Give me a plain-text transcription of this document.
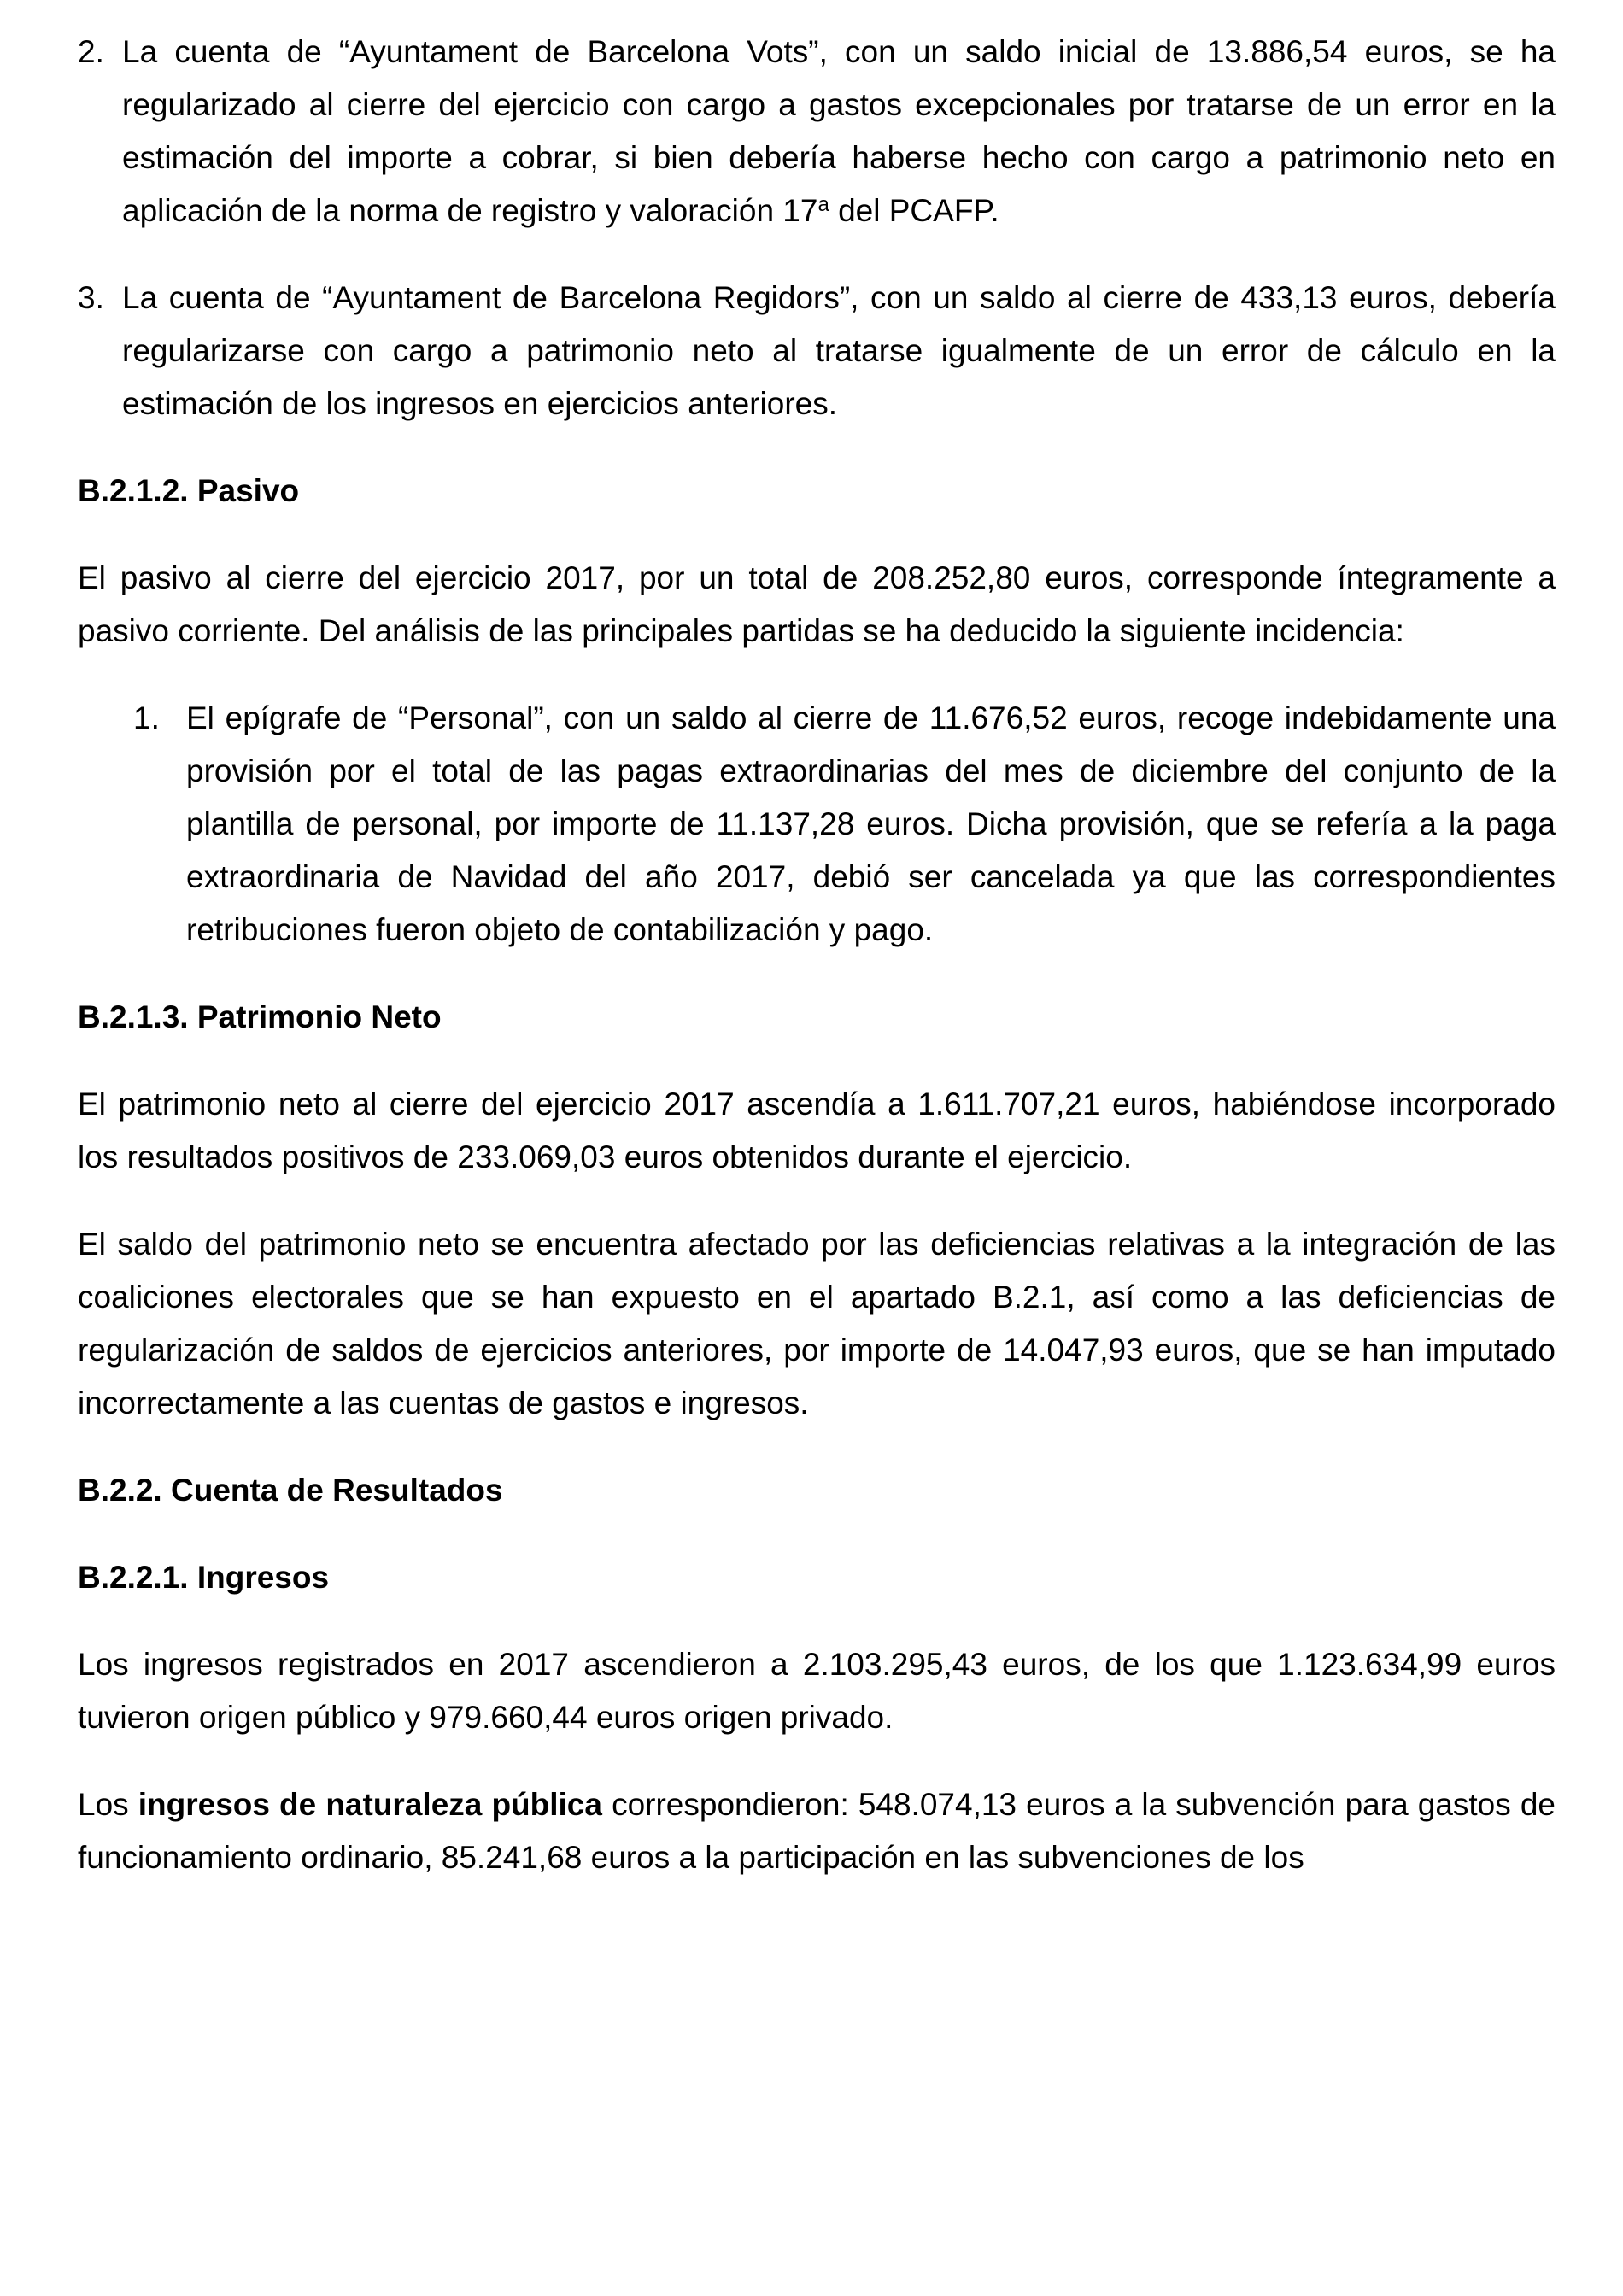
2. La cuenta de “Ayuntament de Barcelona Vots”, con un saldo inicial de 13.886,54 euros, se ha regularizado al cierre del ejercicio con cargo a gastos excepcionales por tratarse de un error en la estimación del importe a cobrar, si bien debería haberse hecho con cargo a patrimonio neto en aplicación de la norma de registro y valoración 17$^a$ del PCAFP.

3. La cuenta de “Ayuntament de Barcelona Regidors”, con un saldo al cierre de 433,13 euros, debería regularizarse con cargo a patrimonio neto al tratarse igualmente de un error de cálculo en la estimación de los ingresos en ejercicios anteriores.

B.2.1.2. Pasivo

El pasivo al cierre del ejercicio 2017, por un total de 208.252,80 euros, corresponde íntegramente a pasivo corriente. Del análisis de las principales partidas se ha deducido la siguiente incidencia:

1. El epígrafe de “Personal”, con un saldo al cierre de 11.676,52 euros, recoge indebidamente una provisión por el total de las pagas extraordinarias del mes de diciembre del conjunto de la plantilla de personal, por importe de 11.137,28 euros. Dicha provisión, que se refería a la paga extraordinaria de Navidad del año 2017, debió ser cancelada ya que las correspondientes retribuciones fueron objeto de contabilización y pago.

B.2.1.3. Patrimonio Neto

El patrimonio neto al cierre del ejercicio 2017 ascendía a 1.611.707,21 euros, habiéndose incorporado los resultados positivos de 233.069,03 euros obtenidos durante el ejercicio.

El saldo del patrimonio neto se encuentra afectado por las deficiencias relativas a la integración de las coaliciones electorales que se han expuesto en el apartado B.2.1, así como a las deficiencias de regularización de saldos de ejercicios anteriores, por importe de 14.047,93 euros, que se han imputado incorrectamente a las cuentas de gastos e ingresos.

B.2.2. Cuenta de Resultados
B.2.2.1. Ingresos

Los ingresos registrados en 2017 ascendieron a 2.103.295,43 euros, de los que 1.123.634,99 euros tuvieron origen público y 979.660,44 euros origen privado.

Los ingresos de naturaleza pública correspondieron: 548.074,13 euros a la subvención para gastos de funcionamiento ordinario, 85.241,68 euros a la participación en las subvenciones de los
